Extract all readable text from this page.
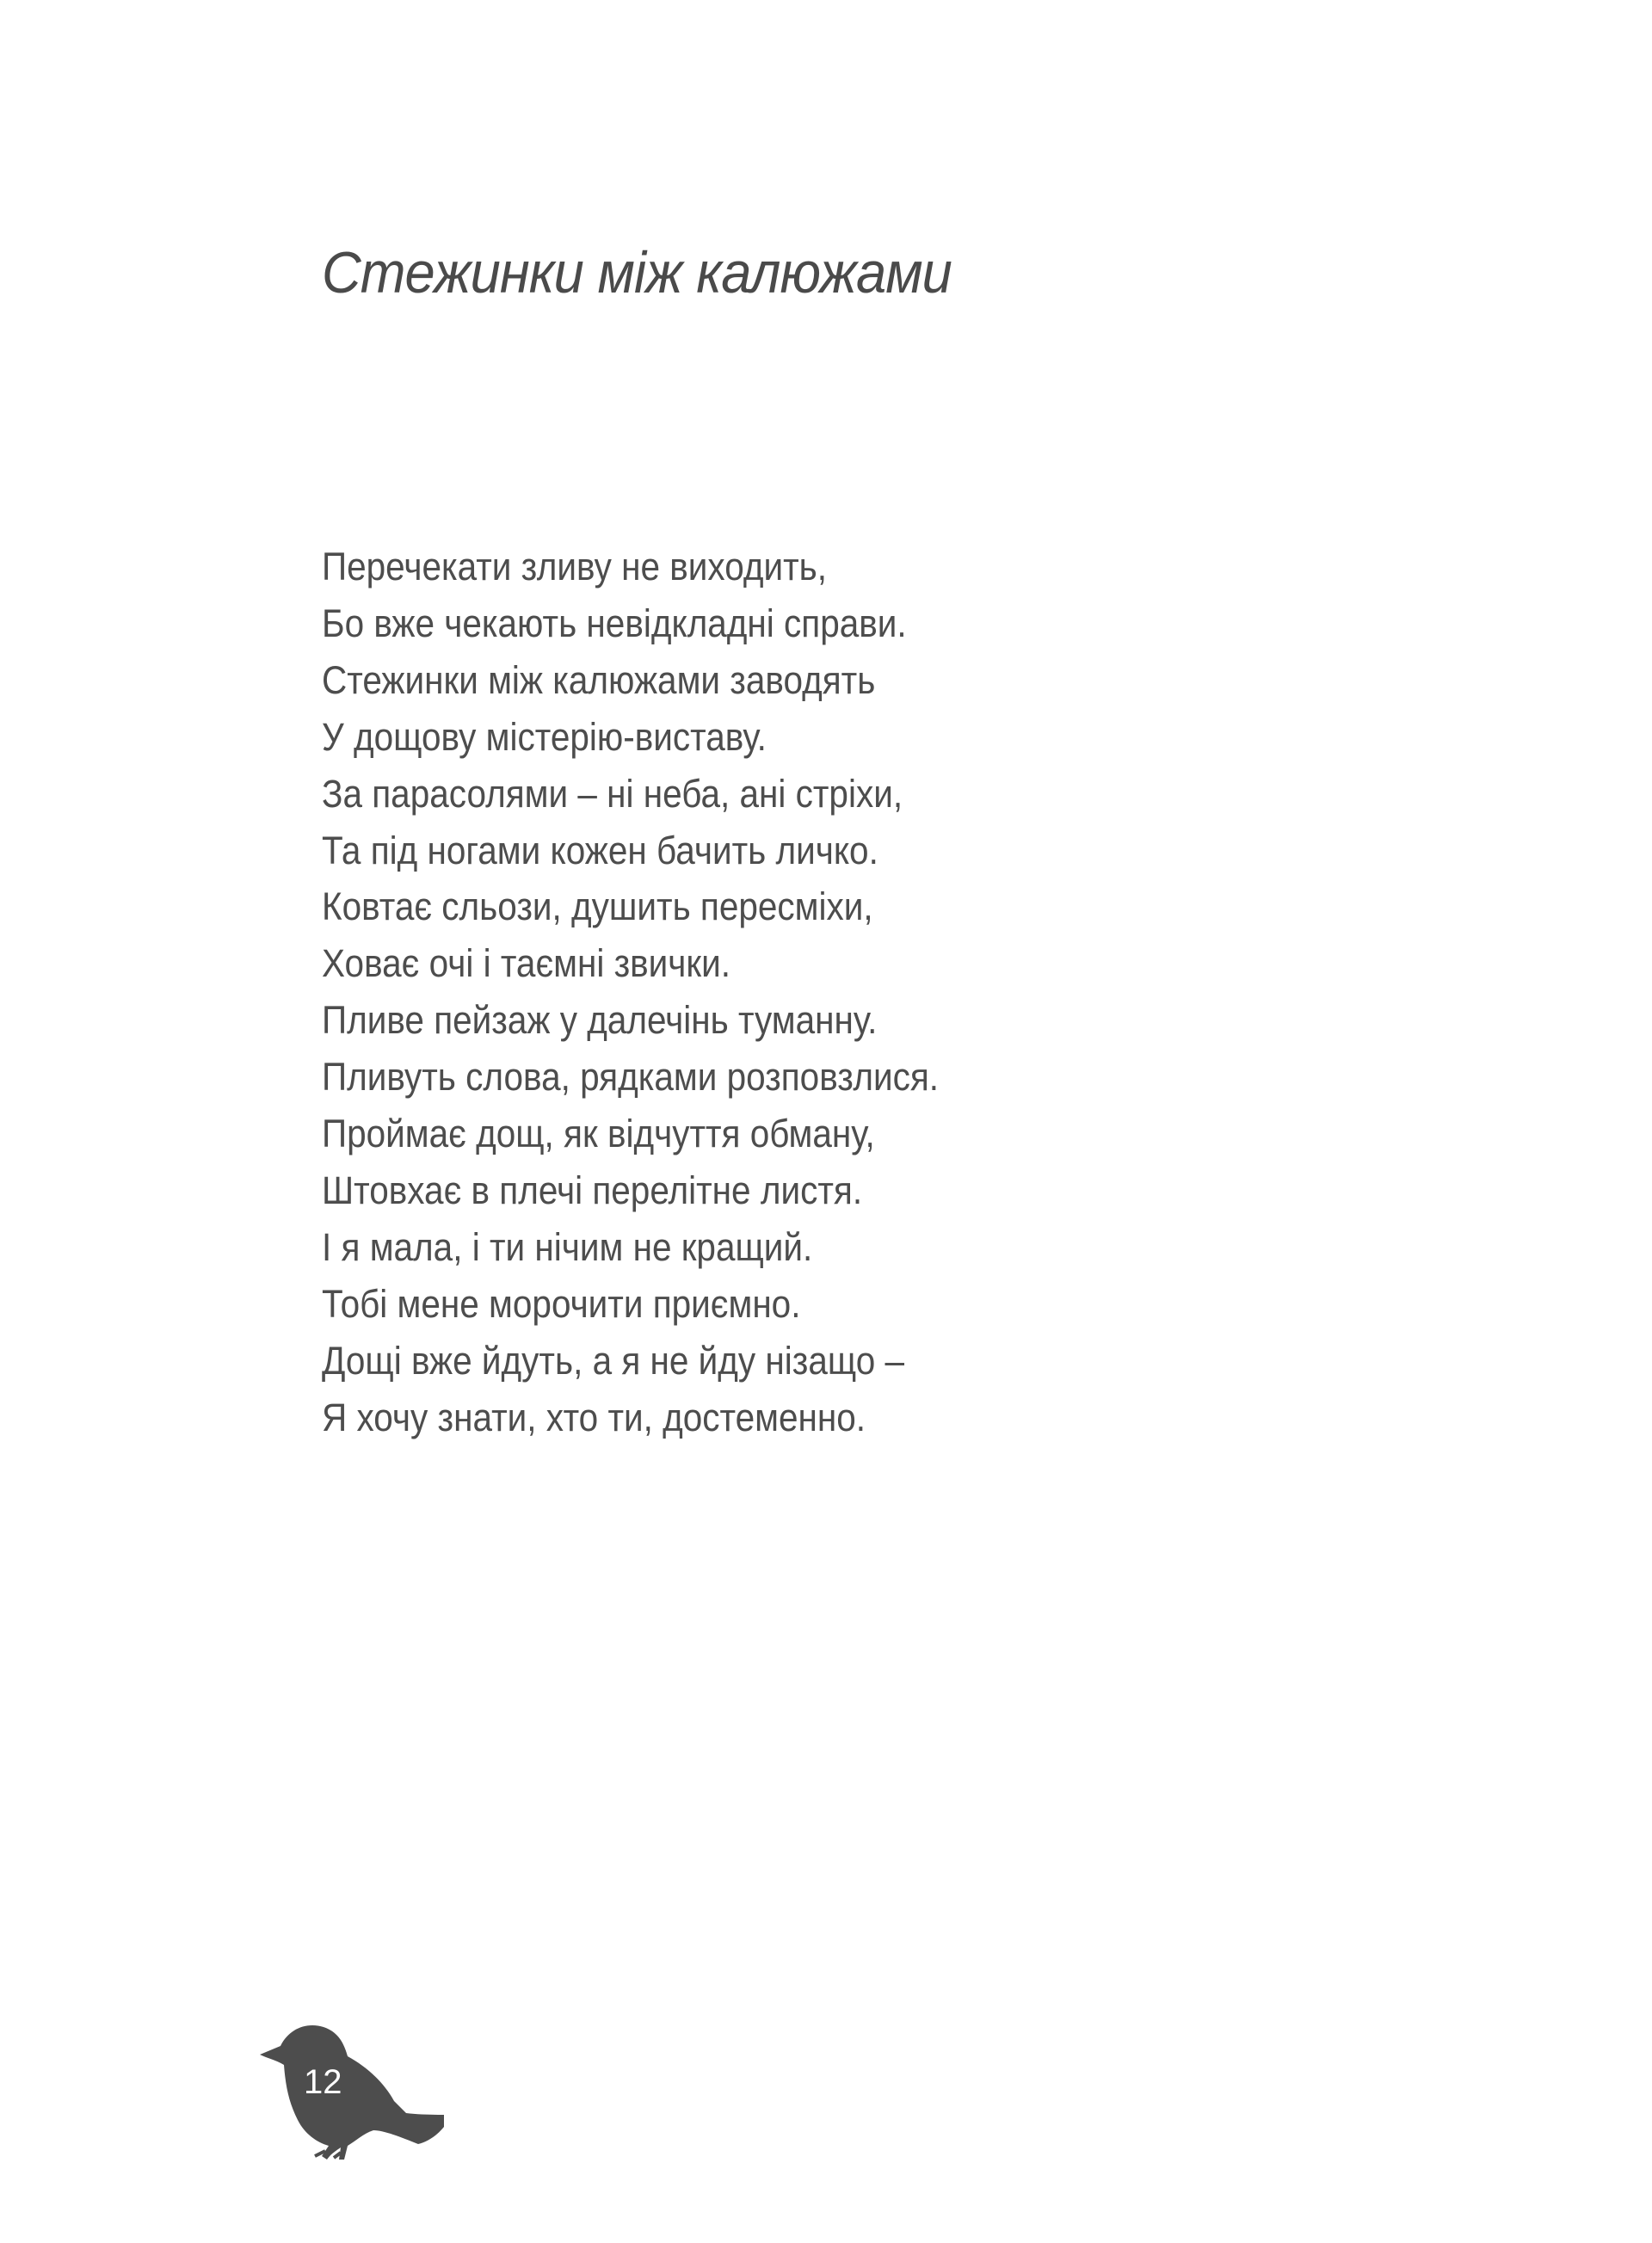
Стежинки між калюжами
Перечекати зливу не виходить,
Бо вже чекають невідкладні справи.
Стежинки між калюжами заводять
У дощову містерію-виставу.
За парасолями – ні неба, ані стріхи,
Та під ногами кожен бачить личко.
Ковтає сльози, душить пересміхи,
Ховає очі і таємні звички.
Пливе пейзаж у далечінь туманну.
Пливуть слова, рядками розповзлися.
Проймає дощ, як відчуття обману,
Штовхає в плечі перелітне листя.
І я мала, і ти нічим не кращий.
Тобі мене морочити приємно.
Дощі вже йдуть, а я не йду нізащо –
Я хочу знати, хто ти, достеменно.
12
